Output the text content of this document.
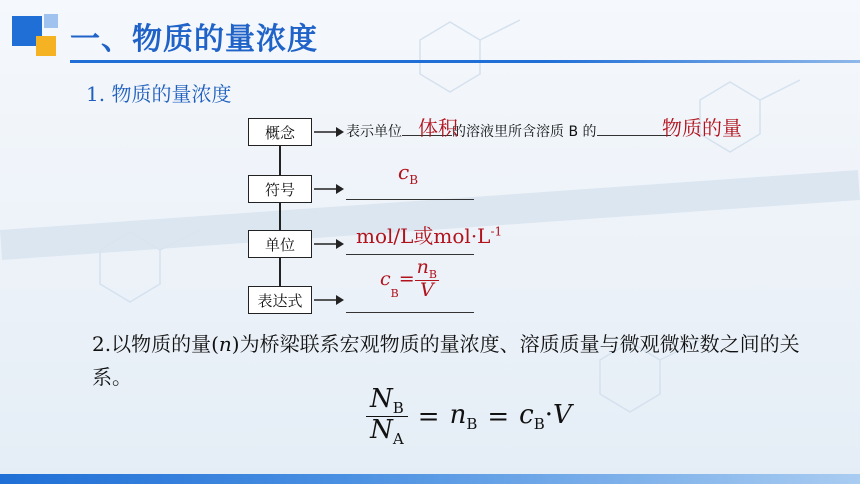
一、物质的量浓度
1. 物质的量浓度
概念
符号
单位
表达式
表示单位	的溶液里所含溶质 B 的
体积	物质的量
$c_B$
mol/L或$mol\cdot L^{-1}$
c
$_B$
= $\frac{n_B}{V}$
2.以物质的量(n)为桥梁联系宏观物质的量浓度、溶质质量与微观微粒数之间的关系。
$\frac{N_B}{N_A} = n_B = c_B\cdot V$
